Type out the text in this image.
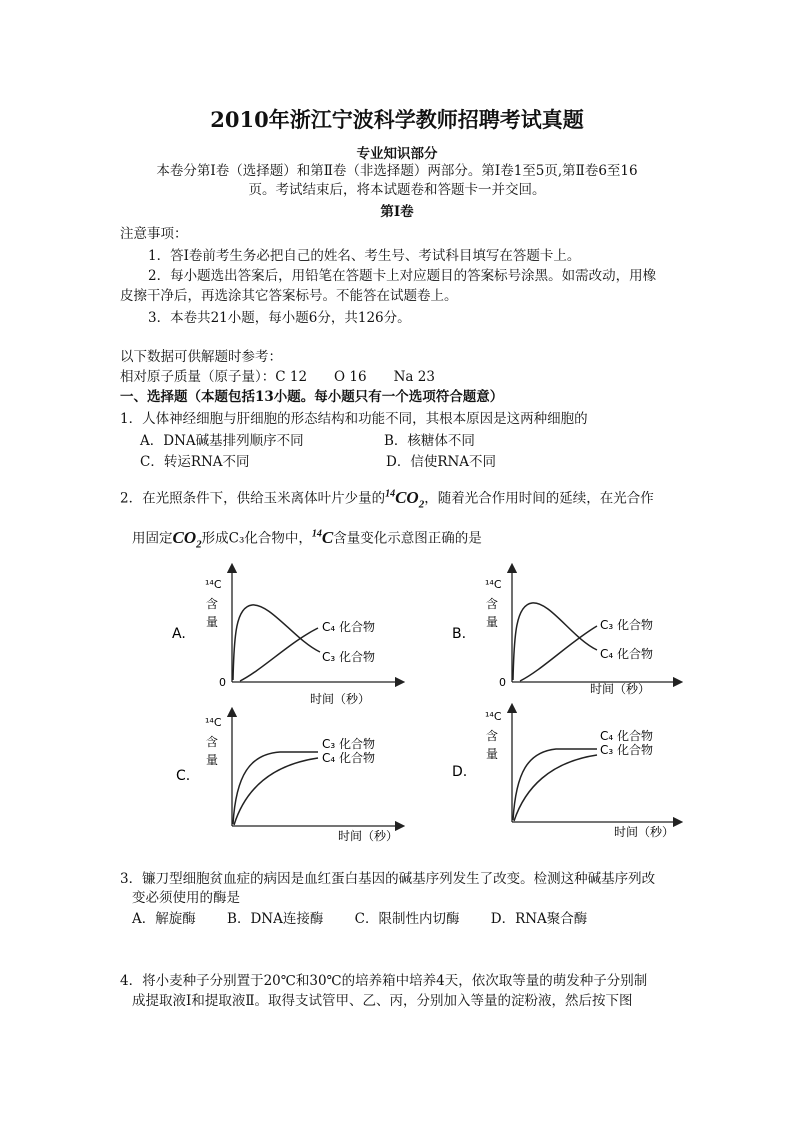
2010年浙江宁波科学教师招聘考试真题
专业知识部分
本卷分第Ⅰ卷（选择题）和第Ⅱ卷（非选择题）两部分。第Ⅰ卷1至5页,第Ⅱ卷6至16
页。考试结束后，将本试题卷和答题卡一并交回。
第Ⅰ卷
注意事项：
1．答Ⅰ卷前考生务必把自己的姓名、考生号、考试科目填写在答题卡上。
2．每小题选出答案后，用铅笔在答题卡上对应题目的答案标号涂黑。如需改动，用橡
皮擦干净后，再选涂其它答案标号。不能答在试题卷上。
3．本卷共21小题，每小题6分，共126分。
以下数据可供解题时参考：
相对原子质量（原子量）：C 12　　O 16　　Na 23
一、选择题（本题包括13小题。每小题只有一个选项符合题意）
1．人体神经细胞与肝细胞的形态结构和功能不同，其根本原因是这两种细胞的
A．DNA碱基排列顺序不同	B．核糖体不同
C．转运RNA不同	D．信使RNA不同
2．在光照条件下，供给玉米离体叶片少量的$^{14}CO_2$，随着光合作用时间的延续，在光合作
用固定$CO_2$形成C₃化合物中，$^{14}$C含量变化示意图正确的是
A.
¹⁴C
含
量
0
C₄ 化合物
C₃ 化合物
时间（秒）
B.
¹⁴C
含
量
0
C₃ 化合物
C₄ 化合物
时间（秒）
C.
¹⁴C
含
量
C₃ 化合物
C₄ 化合物
时间（秒）
D.
¹⁴C
含
量
C₄ 化合物
C₃ 化合物
时间（秒）
3．镰刀型细胞贫血症的病因是血红蛋白基因的碱基序列发生了改变。检测这种碱基序列改
变必须使用的酶是
A．解旋酶　　 B．DNA连接酶　　 C．限制性内切酶　　 D．RNA聚合酶
4．将小麦种子分别置于20℃和30℃的培养箱中培养4天，依次取等量的萌发种子分别制
成提取液Ⅰ和提取液Ⅱ。取得支试管甲、乙、丙，分别加入等量的淀粉液，然后按下图
